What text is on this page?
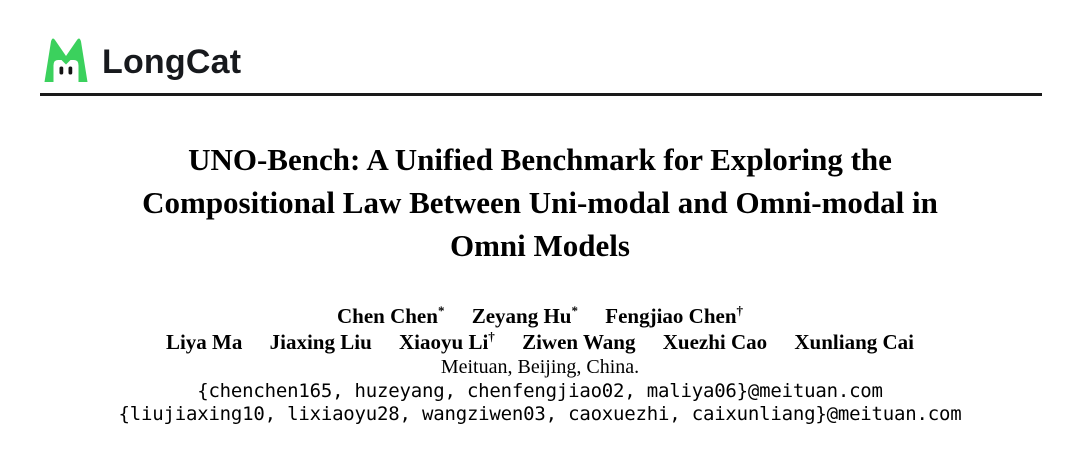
LongCat
UNO-Bench: A Unified Benchmark for Exploring the
Compositional Law Between Uni-modal and Omni-modal in
Omni Models
Chen Chen* Zeyang Hu* Fengjiao Chen†
Liya Ma Jiaxing Liu Xiaoyu Li† Ziwen Wang Xuezhi Cao Xunliang Cai
Meituan, Beijing, China.
{chenchen165, huzeyang, chenfengjiao02, maliya06}@meituan.com
{liujiaxing10, lixiaoyu28, wangziwen03, caoxuezhi, caixunliang}@meituan.com
